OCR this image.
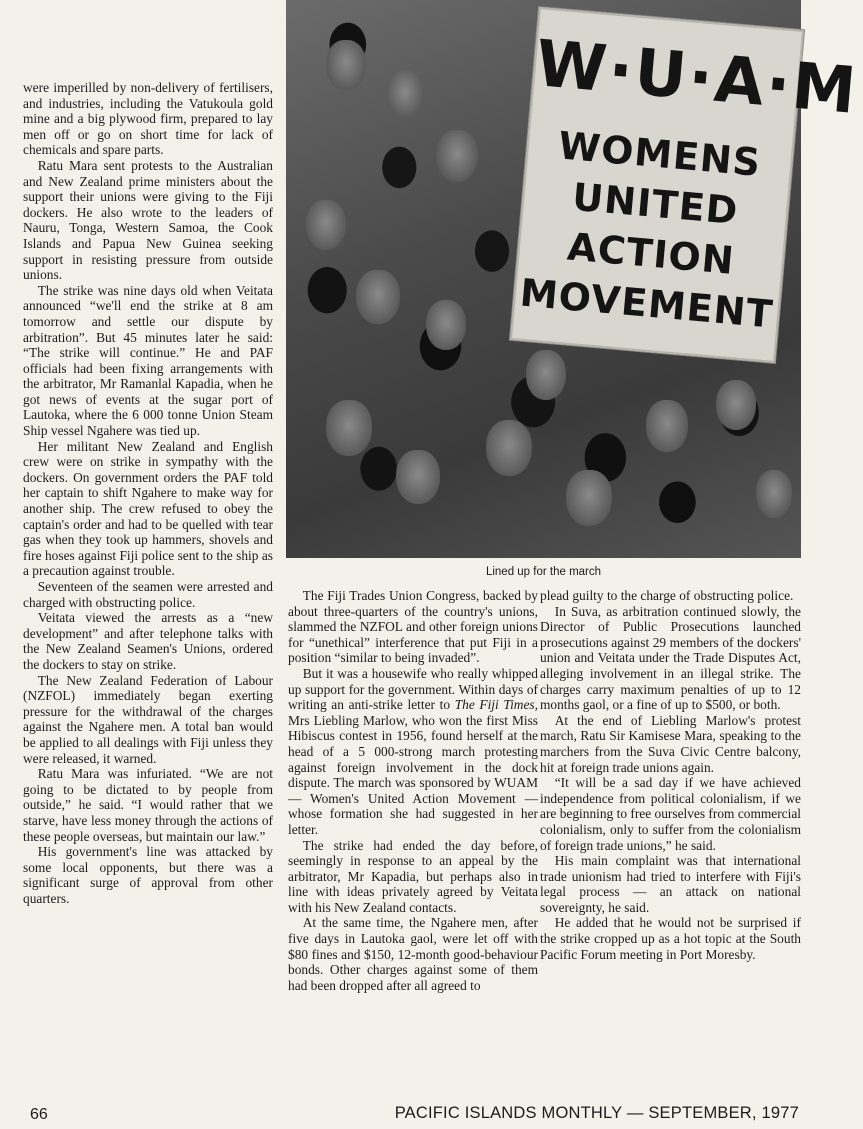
were imperilled by non-delivery of fertilisers, and industries, including the Vatukoula gold mine and a big plywood firm, prepared to lay men off or go on short time for lack of chemicals and spare parts.

Ratu Mara sent protests to the Australian and New Zealand prime ministers about the support their unions were giving to the Fiji dockers. He also wrote to the leaders of Nauru, Tonga, Western Samoa, the Cook Islands and Papua New Guinea seeking support in resisting pressure from outside unions.

The strike was nine days old when Veitata announced “we'll end the strike at 8 am tomorrow and settle our dispute by arbitration”. But 45 minutes later he said: “The strike will continue.” He and PAF officials had been fixing arrangements with the arbitrator, Mr Ramanlal Kapadia, when he got news of events at the sugar port of Lautoka, where the 6 000 tonne Union Steam Ship vessel Ngahere was tied up.

Her militant New Zealand and English crew were on strike in sympathy with the dockers. On government orders the PAF told her captain to shift Ngahere to make way for another ship. The crew refused to obey the captain's order and had to be quelled with tear gas when they took up hammers, shovels and fire hoses against Fiji police sent to the ship as a precaution against trouble.

Seventeen of the seamen were arrested and charged with obstructing police.

Veitata viewed the arrests as a “new development” and after telephone talks with the New Zealand Seamen's Unions, ordered the dockers to stay on strike.

The New Zealand Federation of Labour (NZFOL) immediately began exerting pressure for the withdrawal of the charges against the Ngahere men. A total ban would be applied to all dealings with Fiji unless they were released, it warned.

Ratu Mara was infuriated. “We are not going to be dictated to by people from outside,” he said. “I would rather that we starve, have less money through the actions of these people overseas, but maintain our law.”

His government's line was attacked by some local opponents, but there was a significant surge of approval from other quarters.

W·U·A·M
WOMENS
UNITED
ACTION
MOVEMENT
Lined up for the march

The Fiji Trades Union Congress, backed by about three-quarters of the country's unions, slammed the NZFOL and other foreign unions for “unethical” interference that put Fiji in a position “similar to being invaded”.

But it was a housewife who really whipped up support for the government. Within days of writing an anti-strike letter to The Fiji Times, Mrs Liebling Marlow, who won the first Miss Hibiscus contest in 1956, found herself at the head of a 5 000-strong march protesting against foreign involvement in the dock dispute. The march was sponsored by WUAM — Women's United Action Movement — whose formation she had suggested in her letter.

The strike had ended the day before, seemingly in response to an appeal by the arbitrator, Mr Kapadia, but perhaps also in line with ideas privately agreed by Veitata with his New Zealand contacts.

At the same time, the Ngahere men, after five days in Lautoka gaol, were let off with $80 fines and $150, 12-month good-behaviour bonds. Other charges against some of them had been dropped after all agreed to

plead guilty to the charge of obstructing police.

In Suva, as arbitration continued slowly, the Director of Public Prosecutions launched prosecutions against 29 members of the dockers' union and Veitata under the Trade Disputes Act, alleging involvement in an illegal strike. The charges carry maximum penalties of up to 12 months gaol, or a fine of up to $500, or both.

At the end of Liebling Marlow's protest march, Ratu Sir Kamisese Mara, speaking to the marchers from the Suva Civic Centre balcony, hit at foreign trade unions again.

“It will be a sad day if we have achieved independence from political colonialism, if we are beginning to free ourselves from commercial colonialism, only to suffer from the colonialism of foreign trade unions,” he said.

His main complaint was that international trade unionism had tried to interfere with Fiji's legal process — an attack on national sovereignty, he said.

He added that he would not be surprised if the strike cropped up as a hot topic at the South Pacific Forum meeting in Port Moresby.

66	PACIFIC ISLANDS MONTHLY — SEPTEMBER, 1977
